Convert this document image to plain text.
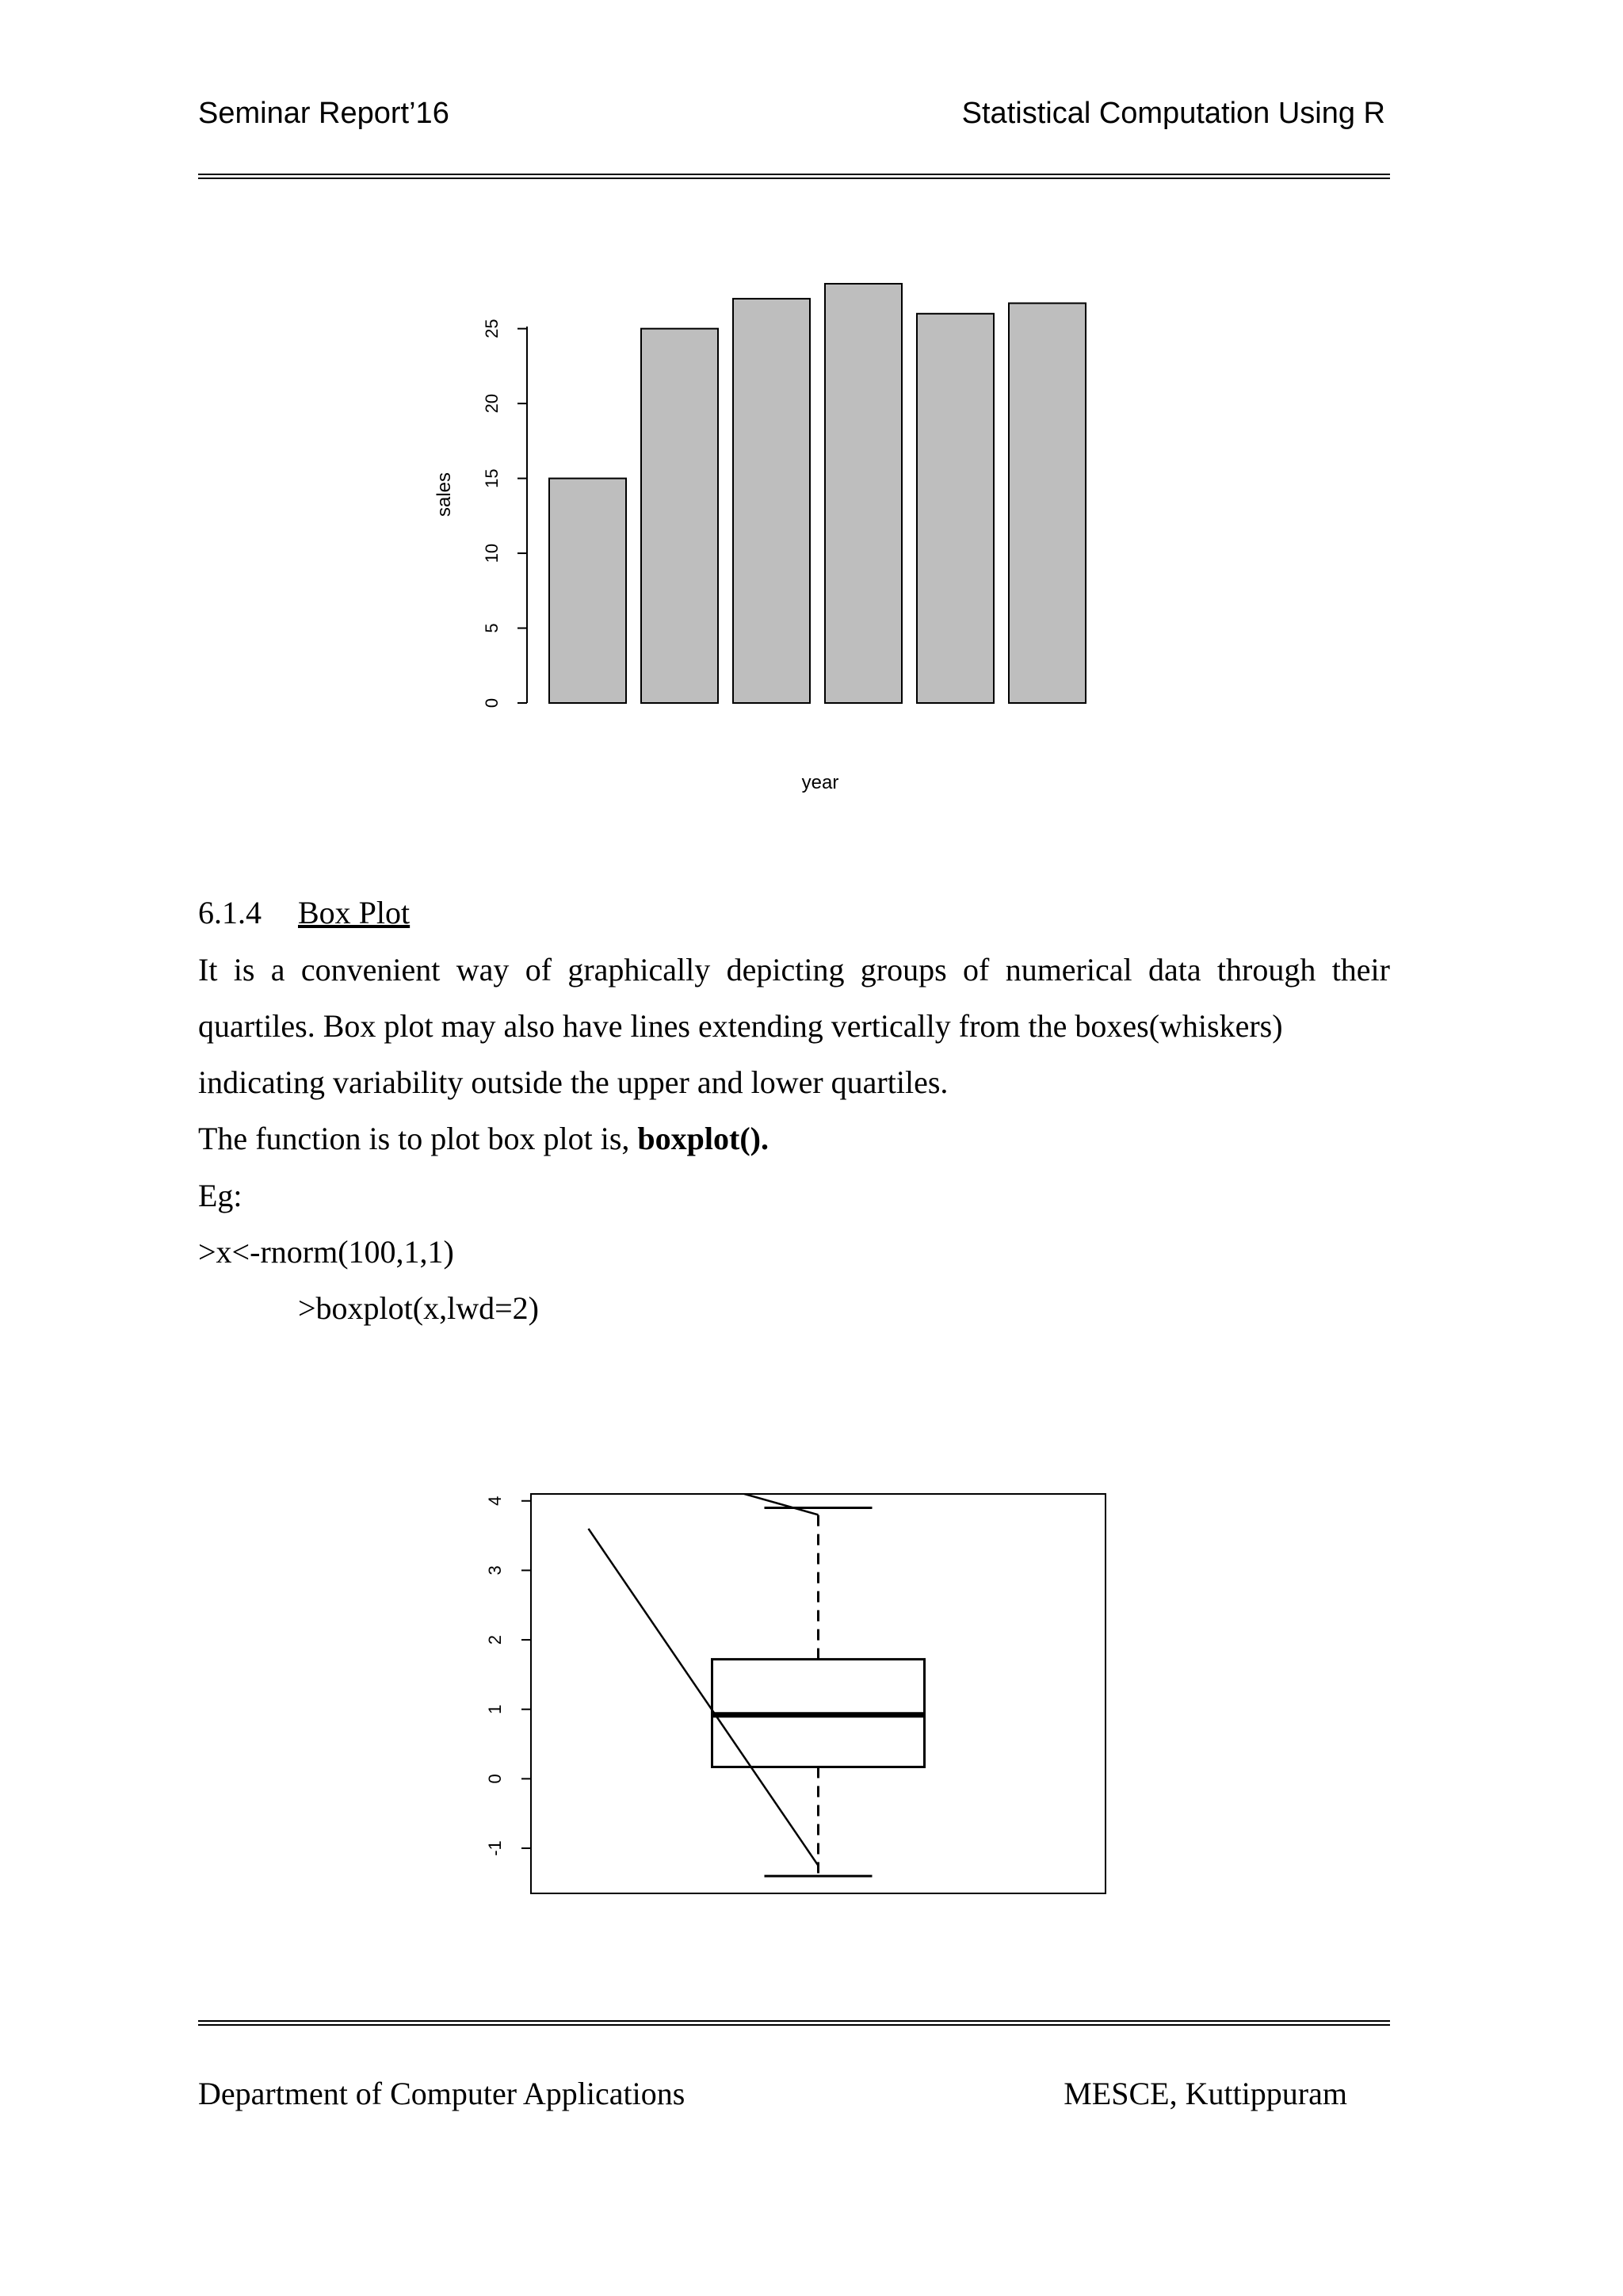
Seminar Report’16	Statistical Computation Using R
0
5
10
15
20
25
sales
year
6.1.4 Box Plot
It is a convenient way of graphically depicting groups of numerical data through their
quartiles. Box plot may also have lines extending vertically from the boxes(whiskers)
indicating variability outside the upper and lower quartiles.
The function is to plot box plot is, boxplot().
Eg:
>x<-rnorm(100,1,1)
>boxplot(x,lwd=2)
-1
0
1
2
3
4
Department of Computer Applications	MESCE, Kuttippuram
